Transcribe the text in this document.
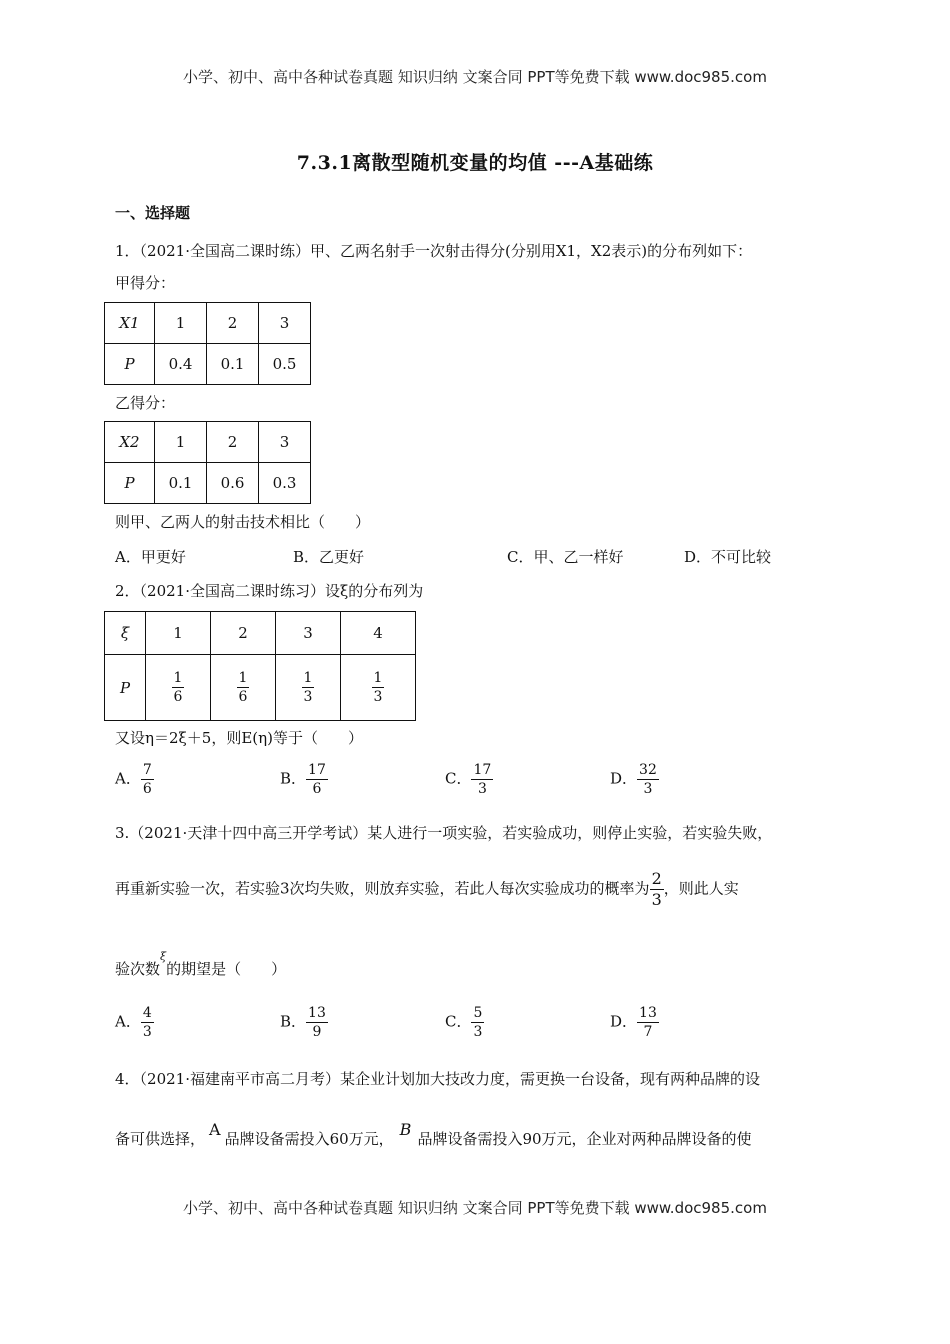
小学、初中、高中各种试卷真题 知识归纳 文案合同 PPT等免费下载 www.doc985.com
7.3.1离散型随机变量的均值 ---A基础练
一、选择题
1．（2021·全国高二课时练）甲、乙两名射手一次射击得分(分别用X1，X2表示)的分布列如下：
甲得分：
X1	1	2	3
P	0.4	0.1	0.5
乙得分：
X2	1	2	3
P	0.1	0.6	0.3
则甲、乙两人的射击技术相比（　　）
A．甲更好	B．乙更好	C．甲、乙一样好	D．不可比较
2．（2021·全国高二课时练习）设ξ的分布列为
ξ	1	2	3	4
P	$\frac{1}{6}$	$\frac{1}{6}$	$\frac{1}{3}$	$\frac{1}{3}$
又设η＝2ξ＋5，则E(η)等于（　　）
A． $\frac{7}{6}$	B． $\frac{17}{6}$	C． $\frac{17}{3}$	D． $\frac{32}{3}$
3.（2021·天津十四中高三开学考试）某人进行一项实验，若实验成功，则停止实验，若实验失败，
再重新实验一次，若实验3次均失败，则放弃实验，若此人每次实验成功的概率为 $\frac{2}{3}$ ，则此人实
验次数$^\xi$的期望是（　　）
A． $\frac{4}{3}$	B． $\frac{13}{9}$	C． $\frac{5}{3}$	D． $\frac{13}{7}$
4．（2021·福建南平市高二月考）某企业计划加大技改力度，需更换一台设备，现有两种品牌的设
备可供选择， A 品牌设备需投入60万元， B 品牌设备需投入90万元，企业对两种品牌设备的使
小学、初中、高中各种试卷真题 知识归纳 文案合同 PPT等免费下载 www.doc985.com
